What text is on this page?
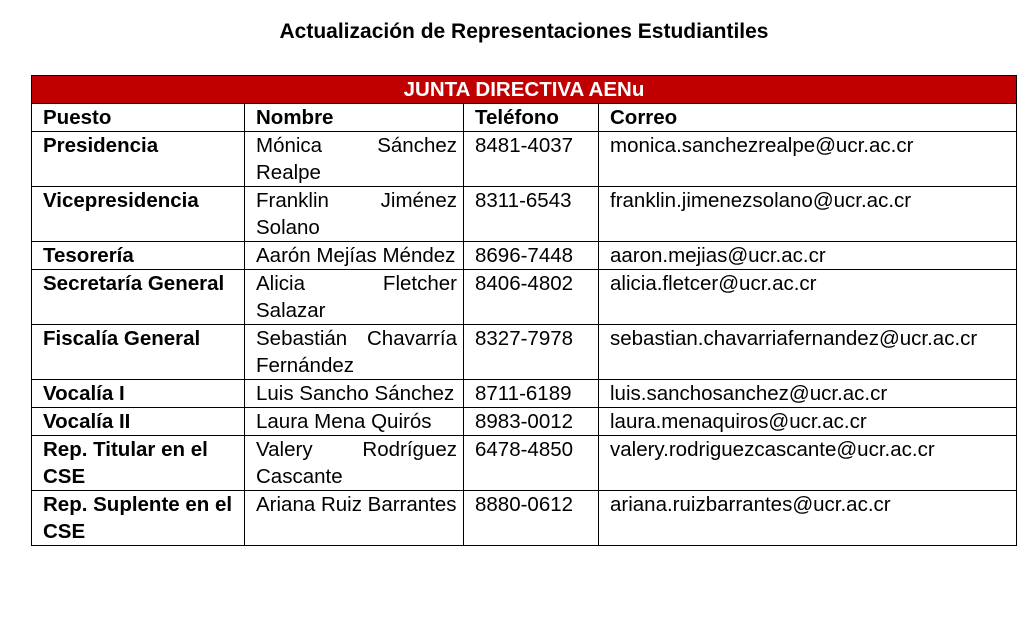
Actualización de Representaciones Estudiantiles
JUNTA DIRECTIVA AENu			
Puesto	Nombre	Teléfono	Correo
Presidencia	Mónica Sánchez Realpe	8481-4037	monica.sanchezrealpe@ucr.ac.cr
Vicepresidencia	Franklin Jiménez Solano	8311-6543	franklin.jimenezsolano@ucr.ac.cr
Tesorería	Aarón Mejías Méndez	8696-7448	aaron.mejias@ucr.ac.cr
Secretaría General	Alicia Fletcher Salazar	8406-4802	alicia.fletcer@ucr.ac.cr
Fiscalía General	Sebastián Chavarría Fernández	8327-7978	sebastian.chavarriafernandez@ucr.ac.cr
Vocalía I	Luis Sancho Sánchez	8711-6189	luis.sanchosanchez@ucr.ac.cr
Vocalía II	Laura Mena Quirós	8983-0012	laura.menaquiros@ucr.ac.cr
Rep. Titular en el CSE	Valery Rodríguez Cascante	6478-4850	valery.rodriguezcascante@ucr.ac.cr
Rep. Suplente en el CSE	Ariana Ruiz Barrantes	8880-0612	ariana.ruizbarrantes@ucr.ac.cr
